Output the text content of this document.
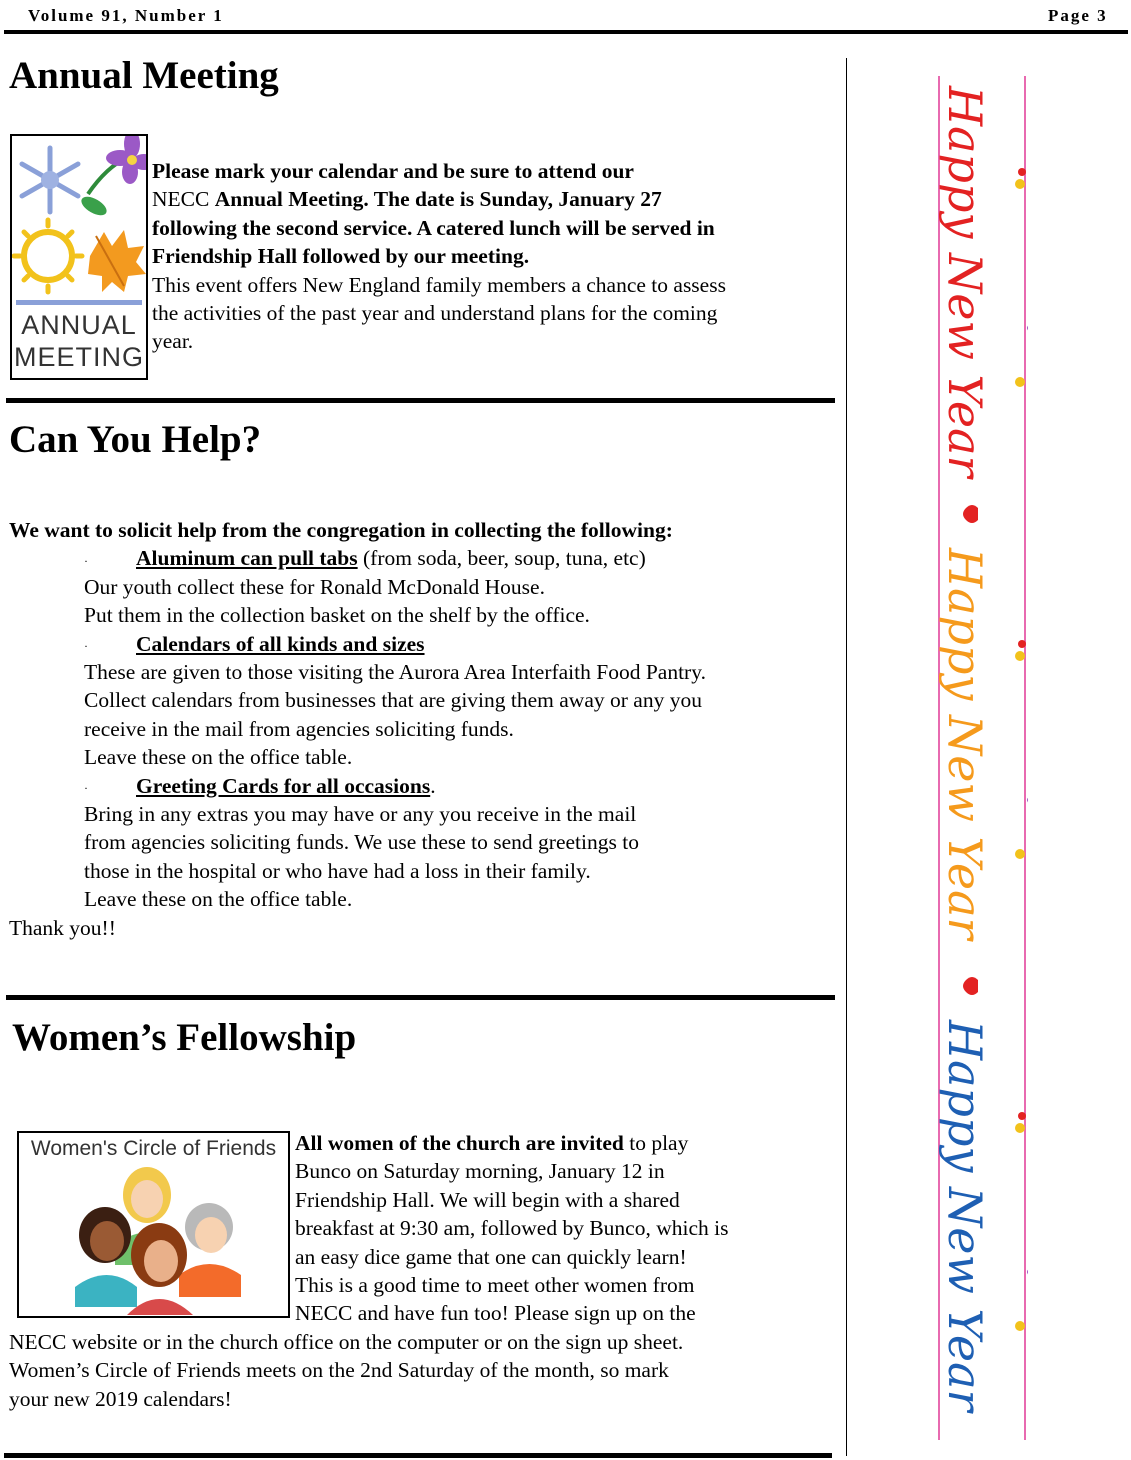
Volume 91, Number 1	Page 3
Annual Meeting
ANNUAL
MEETING
Please mark your calendar and be sure to attend our
NECC Annual Meeting. The date is Sunday, January 27
following the second service. A catered lunch will be served in
Friendship Hall followed by our meeting.
This event offers New England family members a chance to assess
the activities of the past year and understand plans for the coming
year.
Can You Help?
We want to solicit help from the congregation in collecting the following:
· Aluminum can pull tabs (from soda, beer, soup, tuna, etc)
Our youth collect these for Ronald McDonald House.
Put them in the collection basket on the shelf by the office.
· Calendars of all kinds and sizes
These are given to those visiting the Aurora Area Interfaith Food Pantry.
Collect calendars from businesses that are giving them away or any you
receive in the mail from agencies soliciting funds.
Leave these on the office table.
· Greeting Cards for all occasions.
Bring in any extras you may have or any you receive in the mail
from agencies soliciting funds. We use these to send greetings to
those in the hospital or who have had a loss in their family.
Leave these on the office table.
Thank you!!
Women’s Fellowship
Women's Circle of Friends All women of the church are invited to play
Bunco on Saturday morning, January 12 in
Friendship Hall. We will begin with a shared
breakfast at 9:30 am, followed by Bunco, which is
an easy dice game that one can quickly learn!
This is a good time to meet other women from
NECC and have fun too! Please sign up on the
NECC website or in the church office on the computer or on the sign up sheet.
Women’s Circle of Friends meets on the 2nd Saturday of the month, so mark
your new 2019 calendars!
Happy New Year
Happy New Year
Happy New Year
